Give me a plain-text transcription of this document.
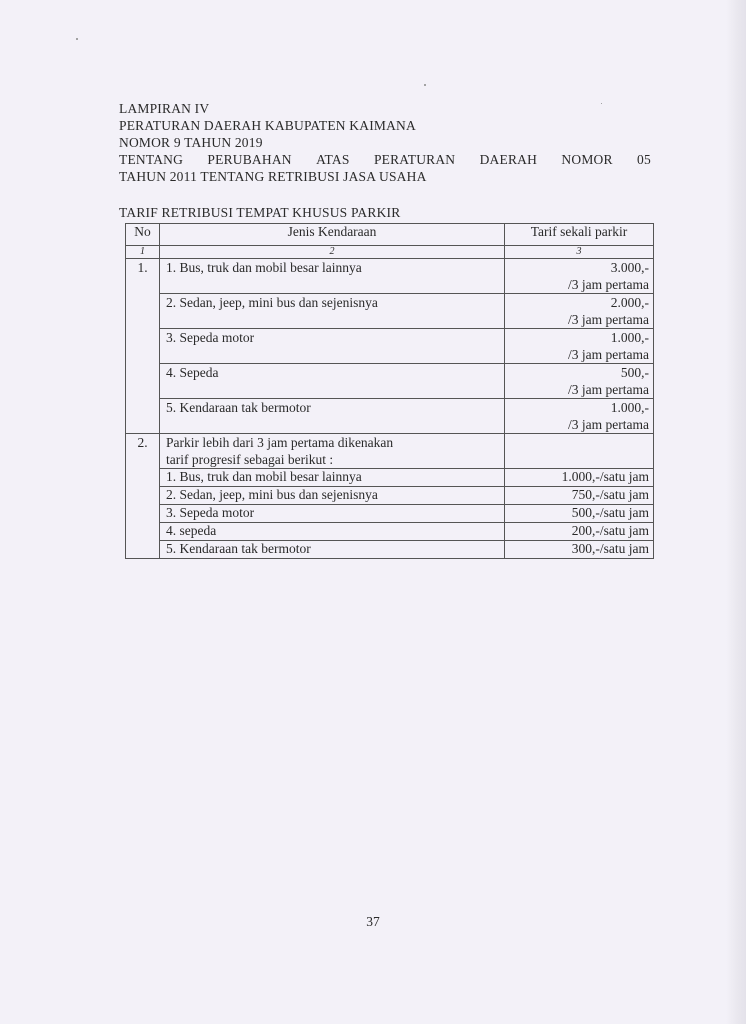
LAMPIRAN IV
PERATURAN DAERAH KABUPATEN KAIMANA
NOMOR 9 TAHUN 2019
TENTANG PERUBAHAN ATAS PERATURAN DAERAH NOMOR 05
TAHUN 2011 TENTANG RETRIBUSI JASA USAHA
TARIF RETRIBUSI TEMPAT KHUSUS PARKIR
No	Jenis Kendaraan	Tarif sekali parkir
1	2	3
1.	1. Bus, truk dan mobil besar lainnya	3.000,-
/3 jam pertama

	2. Sedan, jeep, mini bus dan sejenisnya	2.000,-
/3 jam pertama

	3. Sepeda motor	1.000,-
/3 jam pertama

	4. Sepeda	500,-
/3 jam pertama

	5. Kendaraan tak bermotor	1.000,-
/3 jam pertama

2.	Parkir lebih dari 3 jam pertama dikenakan
tarif progresif sebagai berikut :	

	1. Bus, truk dan mobil besar lainnya	1.000,-/satu jam
	2. Sedan, jeep, mini bus dan sejenisnya	750,-/satu jam
	3. Sepeda motor	500,-/satu jam
	4. sepeda	200,-/satu jam
	5. Kendaraan tak bermotor	300,-/satu jam
37
